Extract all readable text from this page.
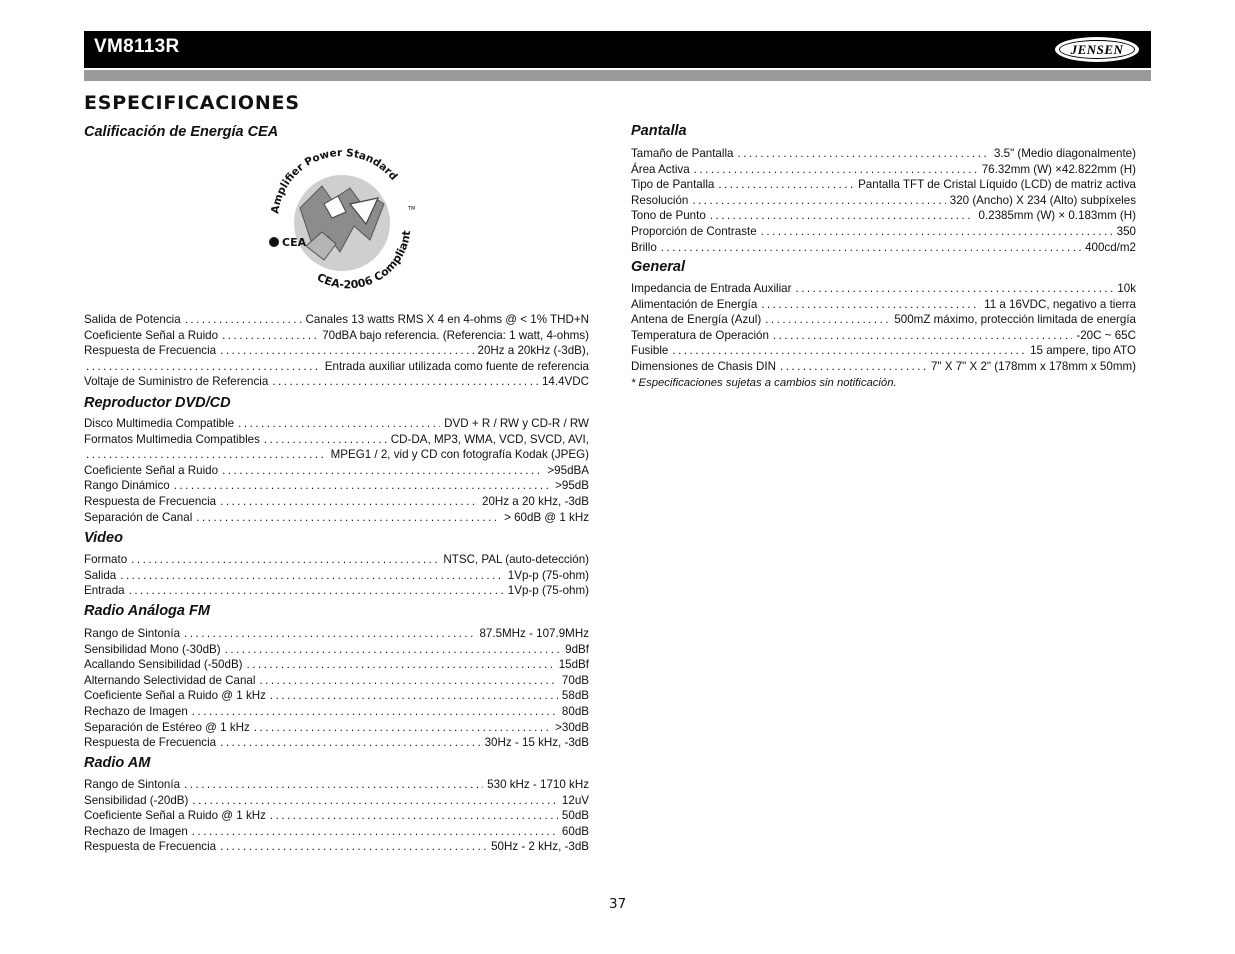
VM8113R	JENSEN
ESPECIFICACIONES
Calificación de Energía CEA
Amplifier Power Standard
CEA-2006 Compliant
CEA
TM
Salida de Potencia .....	Canales 13 watts RMS X 4 en 4-ohms @ < 1% THD+N
Coeficiente Señal a Ruido .....	70dBA bajo referencia. (Referencia: 1 watt, 4-ohms)
Respuesta de Frecuencia .....	20Hz a 20kHz (-3dB),
.....
Entrada auxiliar utilizada como fuente de referencia
Voltaje de Suministro de Referencia .....	14.4VDC
Reproductor DVD/CD
Disco Multimedia Compatible .....	DVD + R / RW y CD-R / RW
Formatos Multimedia Compatibles .....	CD-DA, MP3, WMA, VCD, SVCD, AVI,
.....
MPEG1 / 2, vid y CD con fotografía Kodak (JPEG)
Coeficiente Señal a Ruido .....	>95dBA
Rango Dinámico .....	>95dB
Respuesta de Frecuencia .....	20Hz a 20 kHz, -3dB
Separación de Canal .....	> 60dB @ 1 kHz
Video
Formato .....	NTSC, PAL (auto-detección)
Salida .....	1Vp-p (75-ohm)
Entrada .....	1Vp-p (75-ohm)
Radio Análoga FM
Rango de Sintonía .....	87.5MHz - 107.9MHz
Sensibilidad Mono (-30dB) .....	9dBf
Acallando Sensibilidad (-50dB) .....	15dBf
Alternando Selectividad de Canal .....	70dB
Coeficiente Señal a Ruido @ 1 kHz .....	58dB
Rechazo de Imagen .....	80dB
Separación de Estéreo @ 1 kHz .....	>30dB
Respuesta de Frecuencia .....	30Hz - 15 kHz, -3dB
Radio AM
Rango de Sintonía .....	530 kHz - 1710 kHz
Sensibilidad (-20dB) .....	12uV
Coeficiente Señal a Ruido @ 1 kHz .....	50dB
Rechazo de Imagen .....	60dB
Respuesta de Frecuencia .....	50Hz - 2 kHz, -3dB
Pantalla
Tamaño de Pantalla .....	3.5" (Medio diagonalmente)
Área Activa .....	76.32mm (W) ×42.822mm (H)
Tipo de Pantalla .....	Pantalla TFT de Cristal Líquido (LCD) de matriz activa
Resolución .....	320 (Ancho) X 234 (Alto) subpíxeles
Tono de Punto .....	0.2385mm (W) × 0.183mm (H)
Proporción de Contraste .....	350
Brillo .....	400cd/m2
General
Impedancia de Entrada Auxiliar .....	10k
Alimentación de Energía .....	11 a 16VDC, negativo a tierra
Antena de Energía (Azul) .....	500mZ máximo, protección limitada de energía
Temperatura de Operación .....	-20C ~ 65C
Fusible .....	15 ampere, tipo ATO
Dimensiones de Chasis DIN .....	7" X 7" X 2" (178mm x 178mm x 50mm)
* Especificaciones sujetas a cambios sin notificación.
37
